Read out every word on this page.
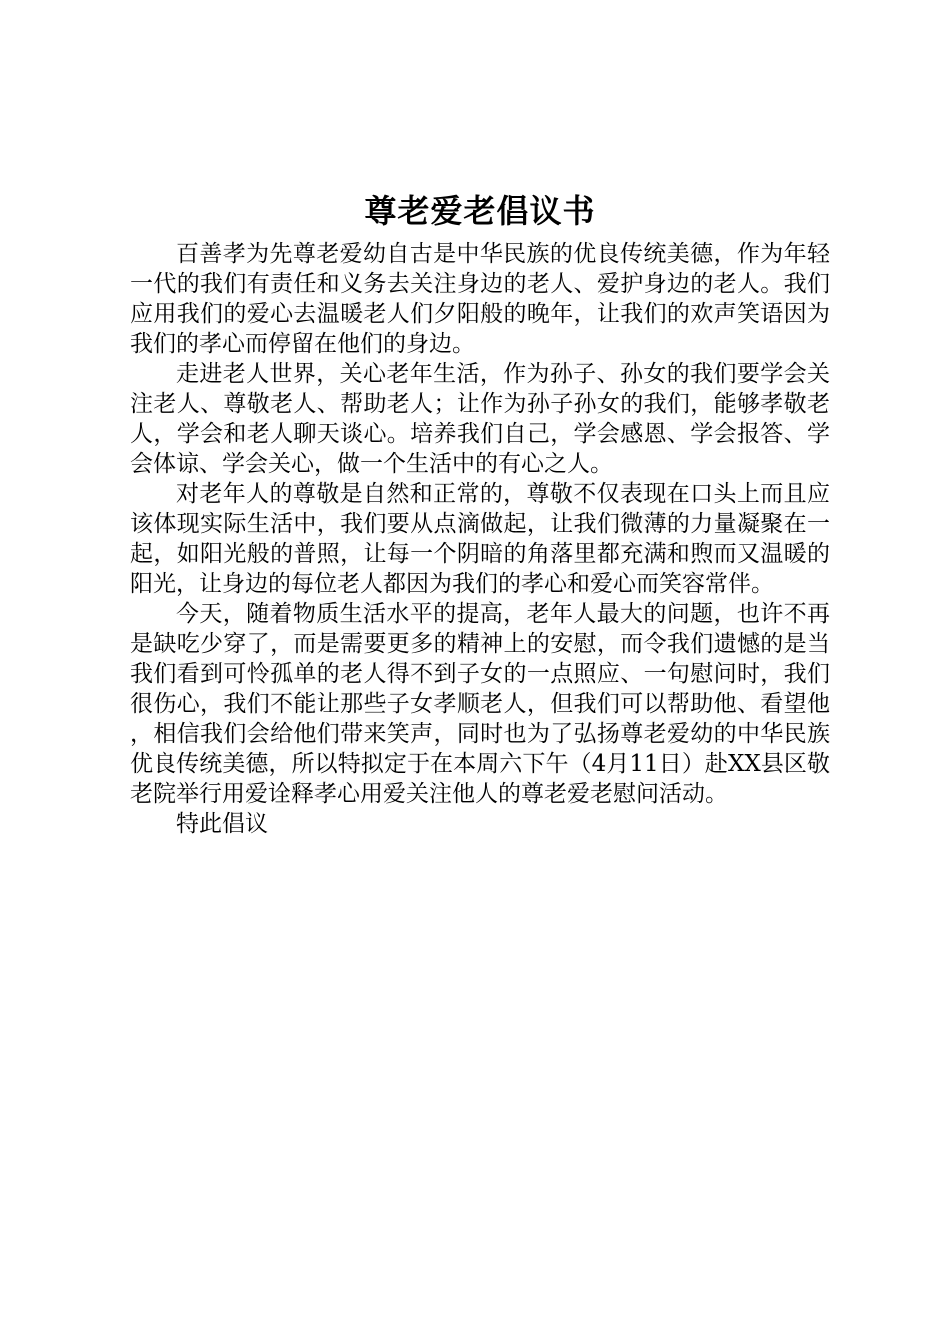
尊老爱老倡议书

百善孝为先尊老爱幼自古是中华民族的优良传统美德，作为年轻一代的我们有责任和义务去关注身边的老人、爱护身边的老人。我们应用我们的爱心去温暖老人们夕阳般的晚年，让我们的欢声笑语因为我们的孝心而停留在他们的身边。

走进老人世界，关心老年生活，作为孙子、孙女的我们要学会关注老人、尊敬老人、帮助老人；让作为孙子孙女的我们，能够孝敬老人，学会和老人聊天谈心。培养我们自己，学会感恩、学会报答、学会体谅、学会关心，做一个生活中的有心之人。

对老年人的尊敬是自然和正常的，尊敬不仅表现在口头上而且应该体现实际生活中，我们要从点滴做起，让我们微薄的力量凝聚在一起，如阳光般的普照，让每一个阴暗的角落里都充满和煦而又温暖的阳光，让身边的每位老人都因为我们的孝心和爱心而笑容常伴。

今天，随着物质生活水平的提高，老年人最大的问题，也许不再是缺吃少穿了，而是需要更多的精神上的安慰，而令我们遗憾的是当我们看到可怜孤单的老人得不到子女的一点照应、一句慰问时，我们很伤心，我们不能让那些子女孝顺老人，但我们可以帮助他、看望他，相信我们会给他们带来笑声，同时也为了弘扬尊老爱幼的中华民族优良传统美德，所以特拟定于在本周六下午（4月11日）赴XX县区敬老院举行用爱诠释孝心用爱关注他人的尊老爱老慰问活动。

特此倡议
